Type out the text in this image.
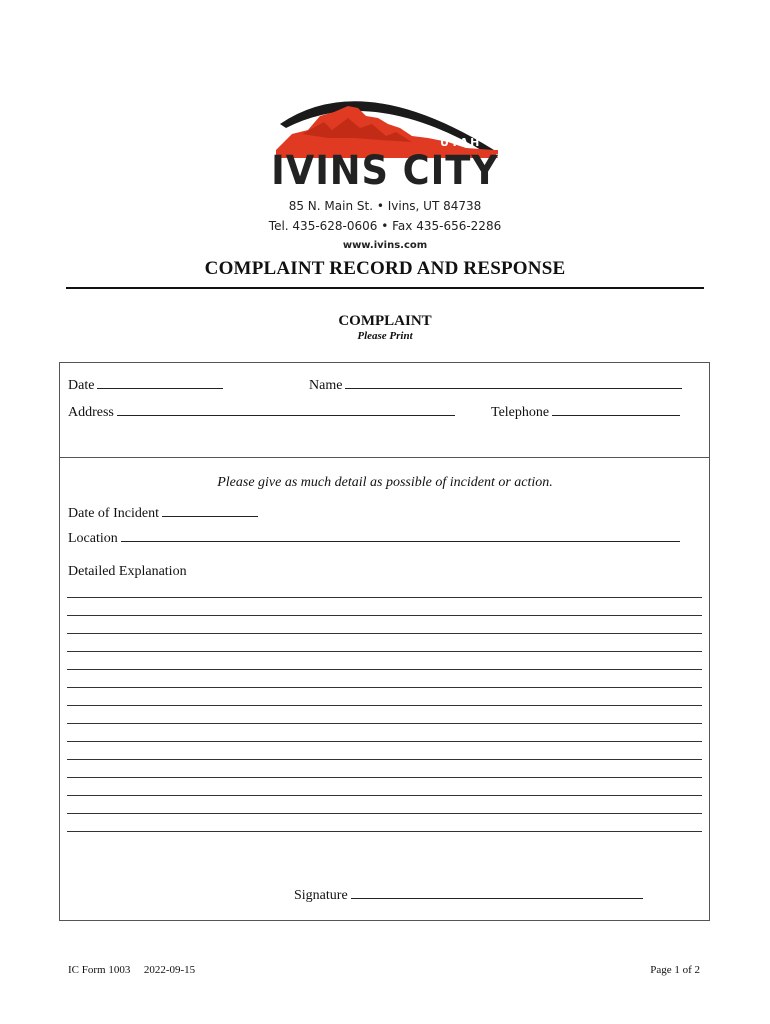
UTAH
IVINS CITY
85 N. Main St. • Ivins, UT 84738
Tel. 435-628-0606 • Fax 435-656-2286
www.ivins.com
COMPLAINT RECORD AND RESPONSE
COMPLAINT
Please Print
Date	Name
Address	Telephone
Please give as much detail as possible of incident or action.
Date of Incident
Location
Detailed Explanation
Signature
IC Form 1003 2022-09-15	Page 1 of 2
